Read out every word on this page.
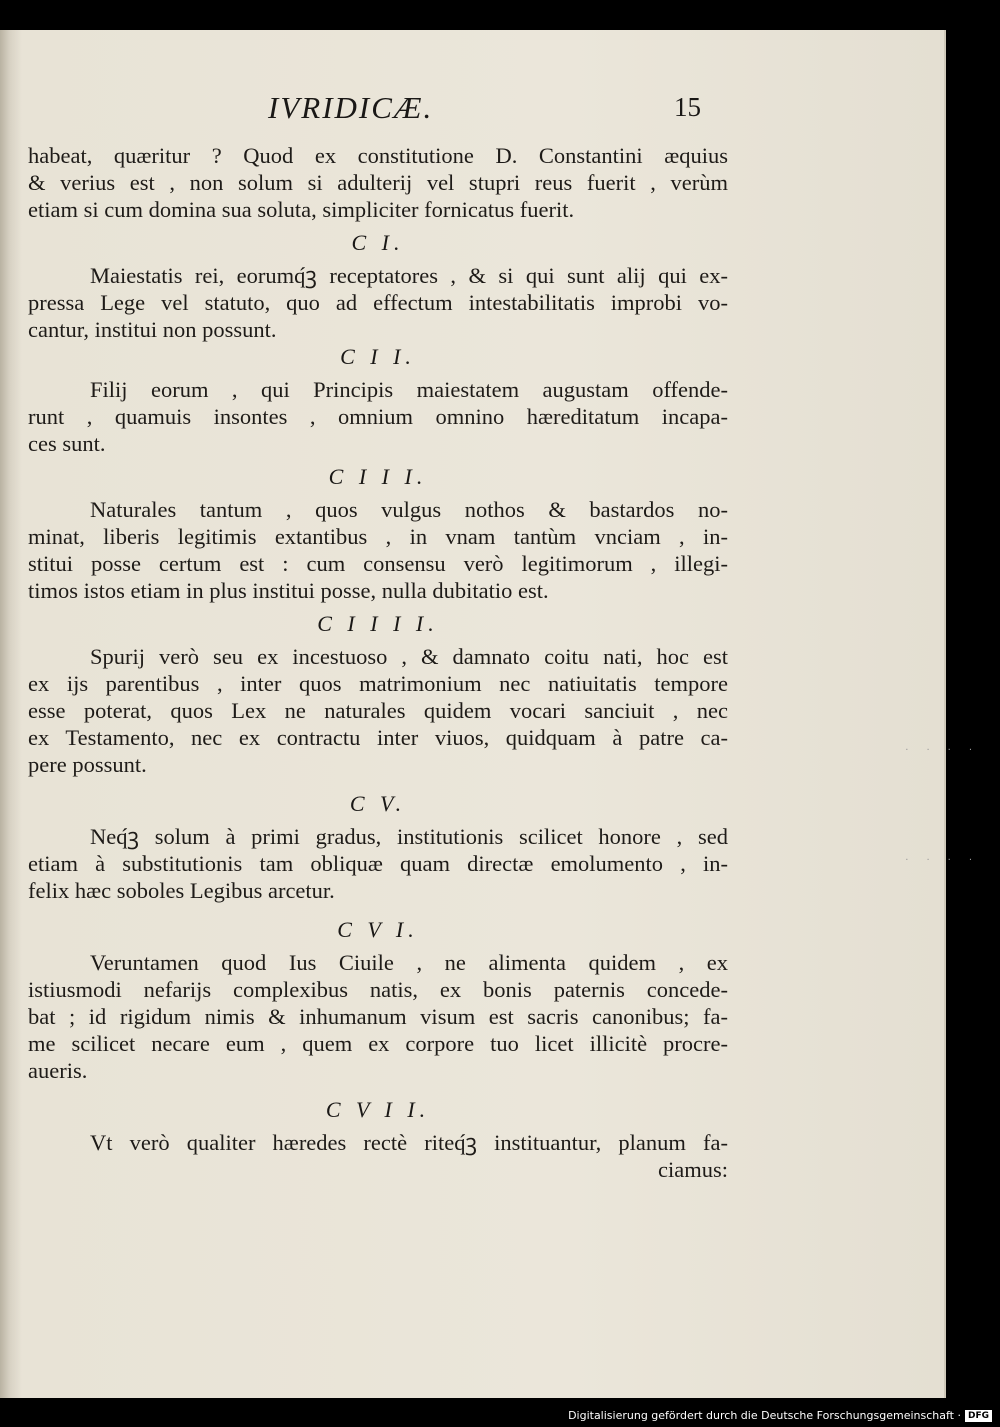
IVRIDICÆ.	15
habeat, quæritur ? Quod ex constitutione D. Constantini æquius
& verius est , non solum si adulterij vel stupri reus fuerit , verùm
etiam si cum domina sua soluta, simpliciter fornicatus fuerit.
C I.
Maiestatis rei, eorumq́ꝫ receptatores , & si qui sunt alij qui ex-
pressa Lege vel statuto, quo ad effectum intestabilitatis improbi vo-
cantur, institui non possunt.
C I I.
Filij eorum , qui Principis maiestatem augustam offende-
runt , quamuis insontes , omnium omnino hæreditatum incapa-
ces sunt.
C I I I.
Naturales tantum , quos vulgus nothos & bastardos no-
minat, liberis legitimis extantibus , in vnam tantùm vnciam , in-
stitui posse certum est : cum consensu verò legitimorum , illegi-
timos istos etiam in plus institui posse, nulla dubitatio est.
C I I I I.
Spurij verò seu ex incestuoso , & damnato coitu nati, hoc est
ex ijs parentibus , inter quos matrimonium nec natiuitatis tempore
esse poterat, quos Lex ne naturales quidem vocari sanciuit , nec
ex Testamento, nec ex contractu inter viuos, quidquam à patre ca-
pere possunt.
C V.
Neq́ꝫ solum à primi gradus, institutionis scilicet honore , sed
etiam à substitutionis tam obliquæ quam directæ emolumento , in-
felix hæc soboles Legibus arcetur.
C V I.
Veruntamen quod Ius Ciuile , ne alimenta quidem , ex
istiusmodi nefarijs complexibus natis, ex bonis paternis concede-
bat ; id rigidum nimis & inhumanum visum est sacris canonibus; fa-
me scilicet necare eum , quem ex corpore tuo licet illicitè procre-
aueris.
C V I I.
Vt verò qualiter hæredes rectè riteq́ꝫ instituantur, planum fa-
ciamus:
....
....
Digitalisierung gefördert durch die Deutsche Forschungsgemeinschaft · DFG
